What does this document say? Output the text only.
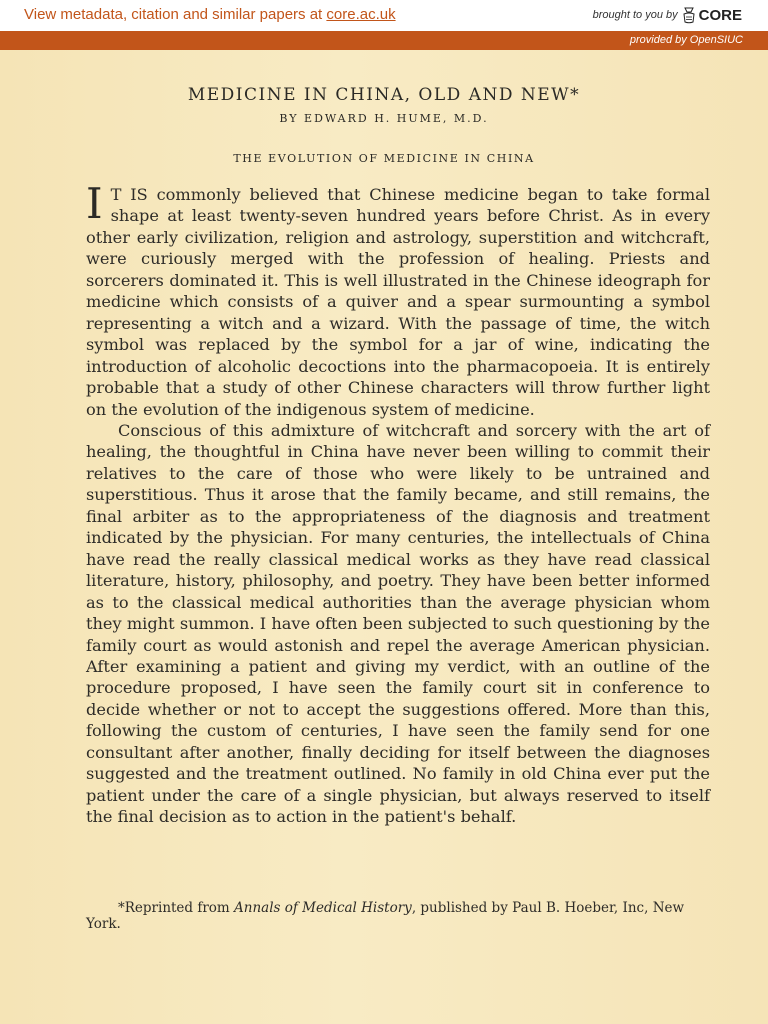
View metadata, citation and similar papers at core.ac.uk	brought to you by CORE
provided by OpenSIUC
MEDICINE IN CHINA, OLD AND NEW*
BY EDWARD H. HUME, M.D.
THE EVOLUTION OF MEDICINE IN CHINA

I T IS commonly believed that Chinese medicine began to take formal shape at least twenty-seven hundred years before Christ. As in every other early civilization, religion and astrology, superstition and witchcraft, were curiously merged with the profession of healing. Priests and sorcerers dominated it. This is well illustrated in the Chinese ideograph for medicine which consists of a quiver and a spear surmounting a symbol representing a witch and a wizard. With the passage of time, the witch symbol was replaced by the symbol for a jar of wine, indicating the introduction of alcoholic decoctions into the pharmacopoeia. It is entirely probable that a study of other Chinese characters will throw further light on the evolution of the indigenous system of medicine.

Conscious of this admixture of witchcraft and sorcery with the art of healing, the thoughtful in China have never been willing to commit their relatives to the care of those who were likely to be untrained and superstitious. Thus it arose that the family became, and still remains, the final arbiter as to the appropriateness of the diagnosis and treatment indicated by the physician. For many centuries, the intellectuals of China have read the really classical medical works as they have read classical literature, history, philosophy, and poetry. They have been better informed as to the classical medical authorities than the average physician whom they might summon. I have often been subjected to such questioning by the family court as would astonish and repel the average American physician. After examining a patient and giving my verdict, with an outline of the procedure proposed, I have seen the family court sit in conference to decide whether or not to accept the suggestions offered. More than this, following the custom of centuries, I have seen the family send for one consultant after another, finally deciding for itself between the diagnoses suggested and the treatment outlined. No family in old China ever put the patient under the care of a single physician, but always reserved to itself the final decision as to action in the patient's behalf.

*Reprinted from Annals of Medical History, published by Paul B. Hoeber, Inc, New York.
